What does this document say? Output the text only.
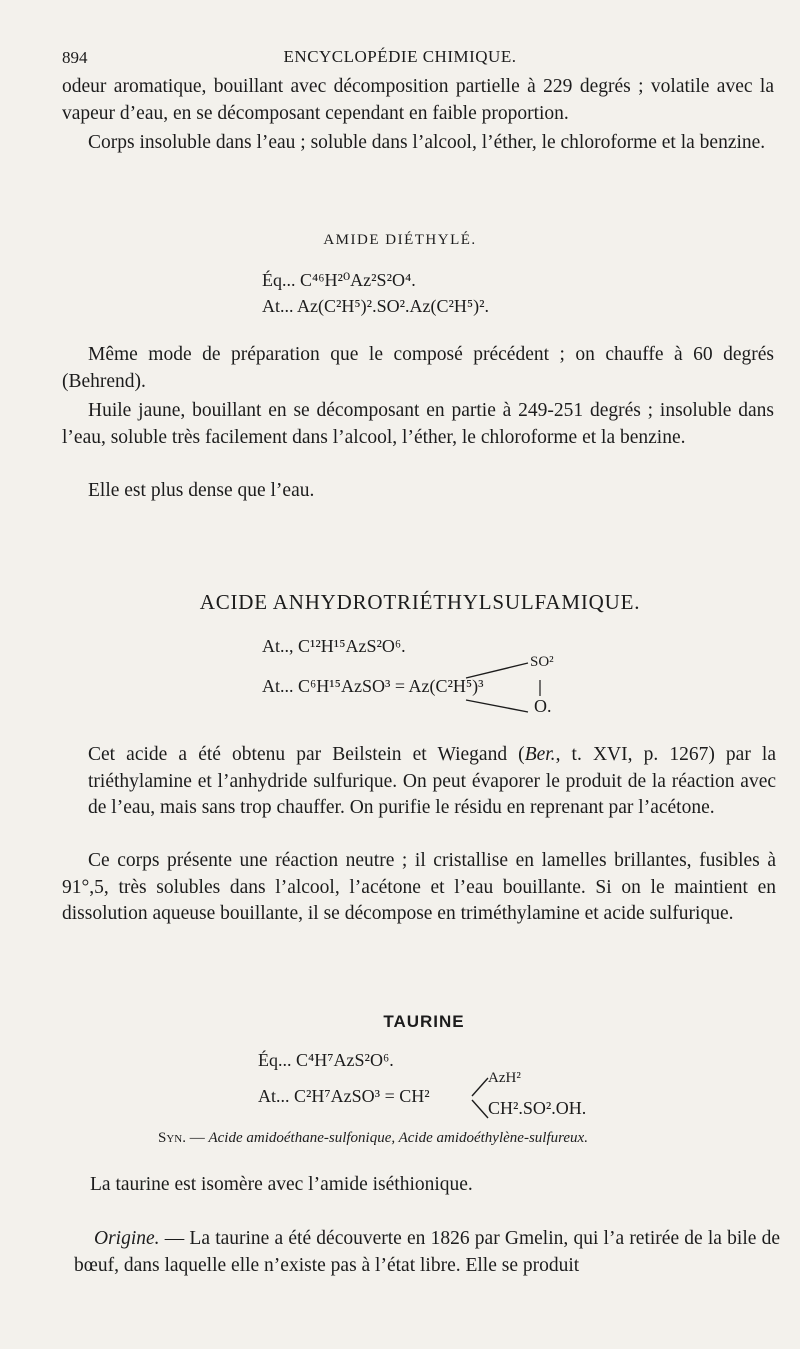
894	ENCYCLOPÉDIE CHIMIQUE.

odeur aromatique, bouillant avec décomposition partielle à 229 degrés ; volatile avec la vapeur d’eau, en se décomposant cependant en faible proportion.

Corps insoluble dans l’eau ; soluble dans l’alcool, l’éther, le chloroforme et la benzine.

AMIDE DIÉTHYLÉ.
Éq... C⁴⁶H²⁰Az²S²O⁴.
At... Az(C²H⁵)².SO².Az(C²H⁵)².

Même mode de préparation que le composé précédent ; on chauffe à 60 degrés (Behrend).

Huile jaune, bouillant en se décomposant en partie à 249-251 degrés ; insoluble dans l’eau, soluble très facilement dans l’alcool, l’éther, le chloroforme et la benzine.

Elle est plus dense que l’eau.

ACIDE ANHYDROTRIÉTHYLSULFAMIQUE.
At.., C¹²H¹⁵AzS²O⁶.
At... C⁶H¹⁵AzSO³ = Az(C²H⁵)³
SO²
O.

Cet acide a été obtenu par Beilstein et Wiegand (Ber., t. XVI, p. 1267) par la triéthylamine et l’anhydride sulfurique. On peut évaporer le produit de la réaction avec de l’eau, mais sans trop chauffer. On purifie le résidu en reprenant par l’acétone.

Ce corps présente une réaction neutre ; il cristallise en lamelles brillantes, fusibles à 91°,5, très solubles dans l’alcool, l’acétone et l’eau bouillante. Si on le maintient en dissolution aqueuse bouillante, il se décompose en triméthylamine et acide sulfurique.

TAURINE
Éq... C⁴H⁷AzS²O⁶.
At... C²H⁷AzSO³ = CH²
AzH²
CH².SO².OH.
Syn. — Acide amidoéthane-sulfonique, Acide amidoéthylène-sulfureux.

La taurine est isomère avec l’amide iséthionique.

Origine. — La taurine a été découverte en 1826 par Gmelin, qui l’a retirée de la bile de bœuf, dans laquelle elle n’existe pas à l’état libre. Elle se produit
